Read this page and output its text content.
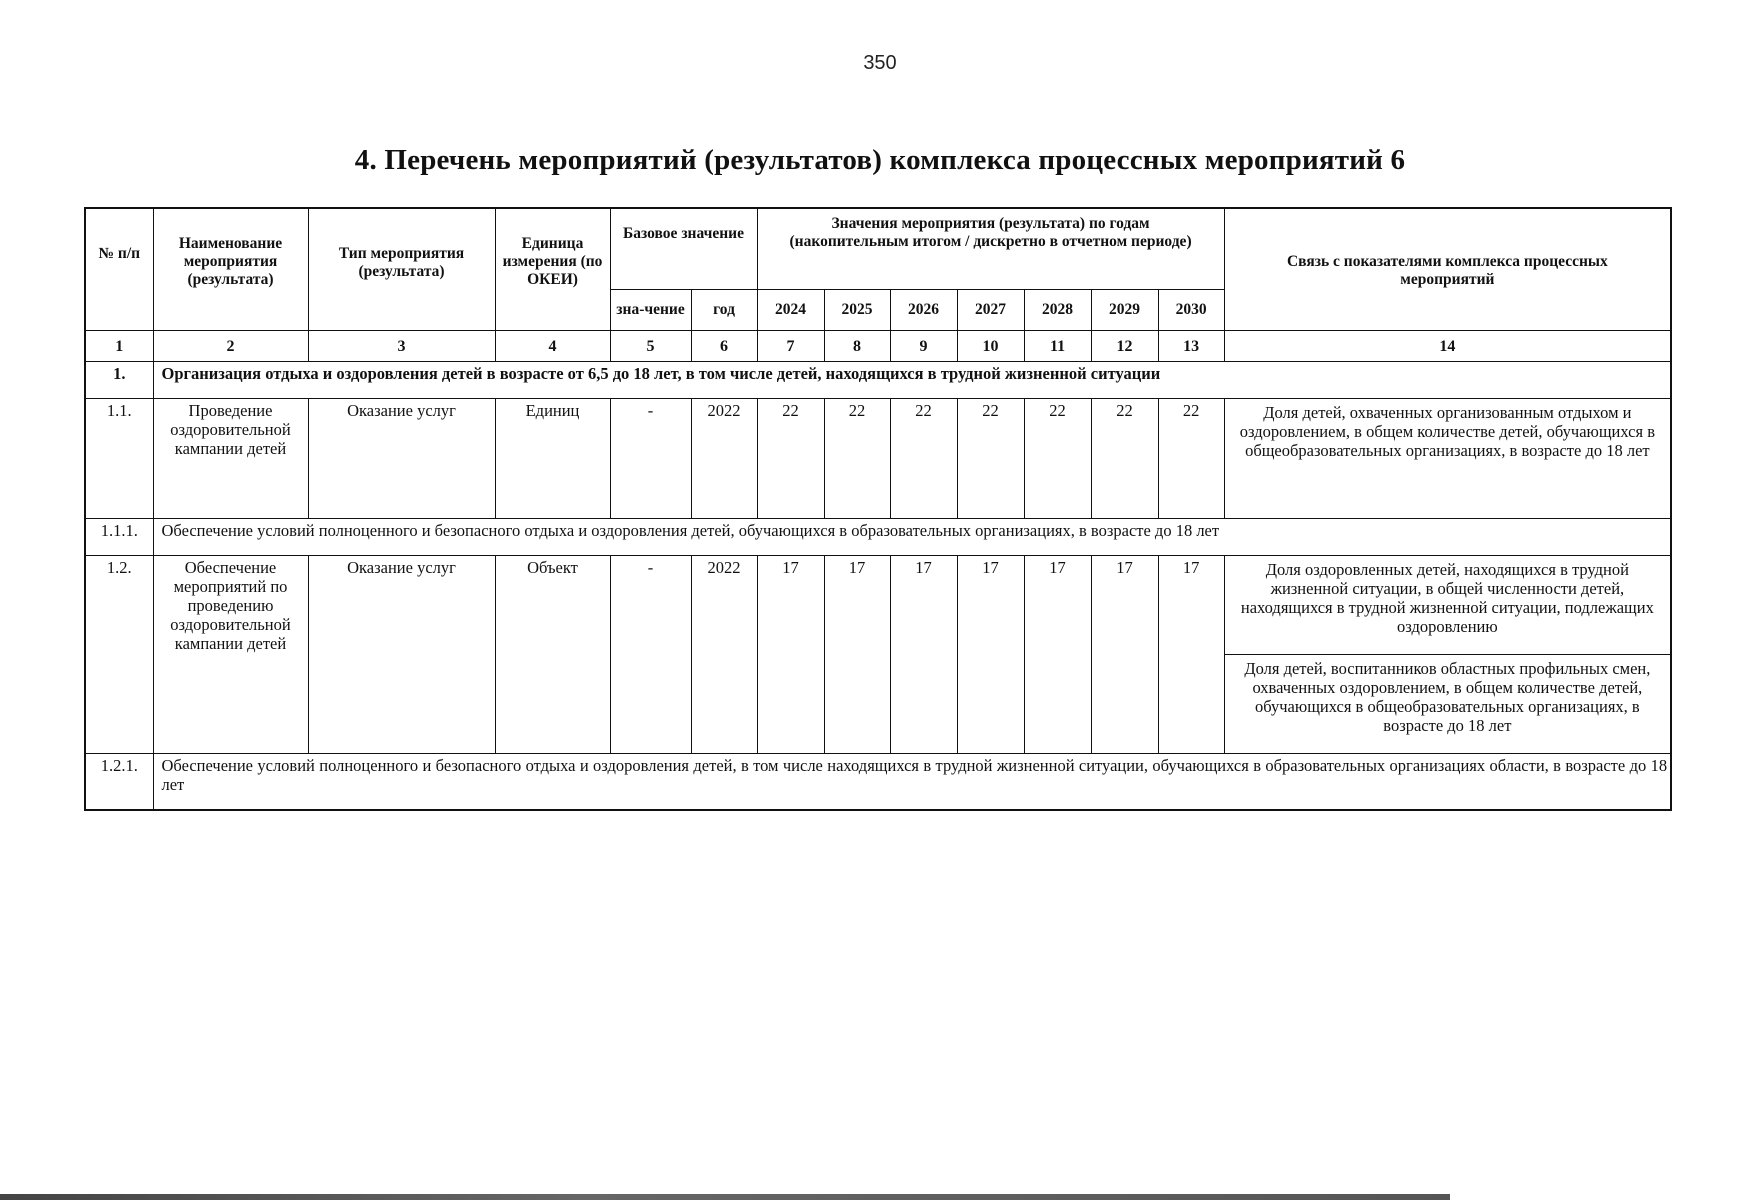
350
4. Перечень мероприятий (результатов) комплекса процессных мероприятий 6
№ п/п	Наименование мероприятия (результата)	Тип мероприятия (результата)	Единица измерения (по ОКЕИ)	Базовое значение		Значения мероприятия (результата) по годам (накопительным итогом / дискретно в отчетном периоде)							Связь с показателями комплекса процессных мероприятий
				зна-чение	год	2024	2025	2026	2027	2028	2029	2030	
1	2	3	4	5	6	7	8	9	10	11	12	13	14
1.	Организация отдыха и оздоровления детей в возрасте от 6,5 до 18 лет, в том числе детей, находящихся в трудной жизненной ситуации												
1.1.	Проведение оздоровительной кампании детей	Оказание услуг	Единиц	-	2022	22	22	22	22	22	22	22	Доля детей, охваченных организованным отдыхом и оздоровлением, в общем количестве детей, обучающихся в общеобразовательных организациях, в возрасте до 18 лет
1.1.1.	Обеспечение условий полноценного и безопасного отдыха и оздоровления детей, обучающихся в образовательных организациях, в возрасте до 18 лет												
1.2.	Обеспечение мероприятий по проведению оздоровительной кампании детей	Оказание услуг	Объект	-	2022	17	17	17	17	17	17	17	Доля оздоровленных детей, находящихся в трудной жизненной ситуации, в общей численности детей, находящихся в трудной жизненной ситуации, подлежащих оздоровлению
													Доля детей, воспитанников областных профильных смен, охваченных оздоровлением, в общем количестве детей, обучающихся в общеобразовательных организациях, в возрасте до 18 лет
1.2.1.	Обеспечение условий полноценного и безопасного отдыха и оздоровления детей, в том числе находящихся в трудной жизненной ситуации, обучающихся в образовательных организациях области, в возрасте до 18 лет												
